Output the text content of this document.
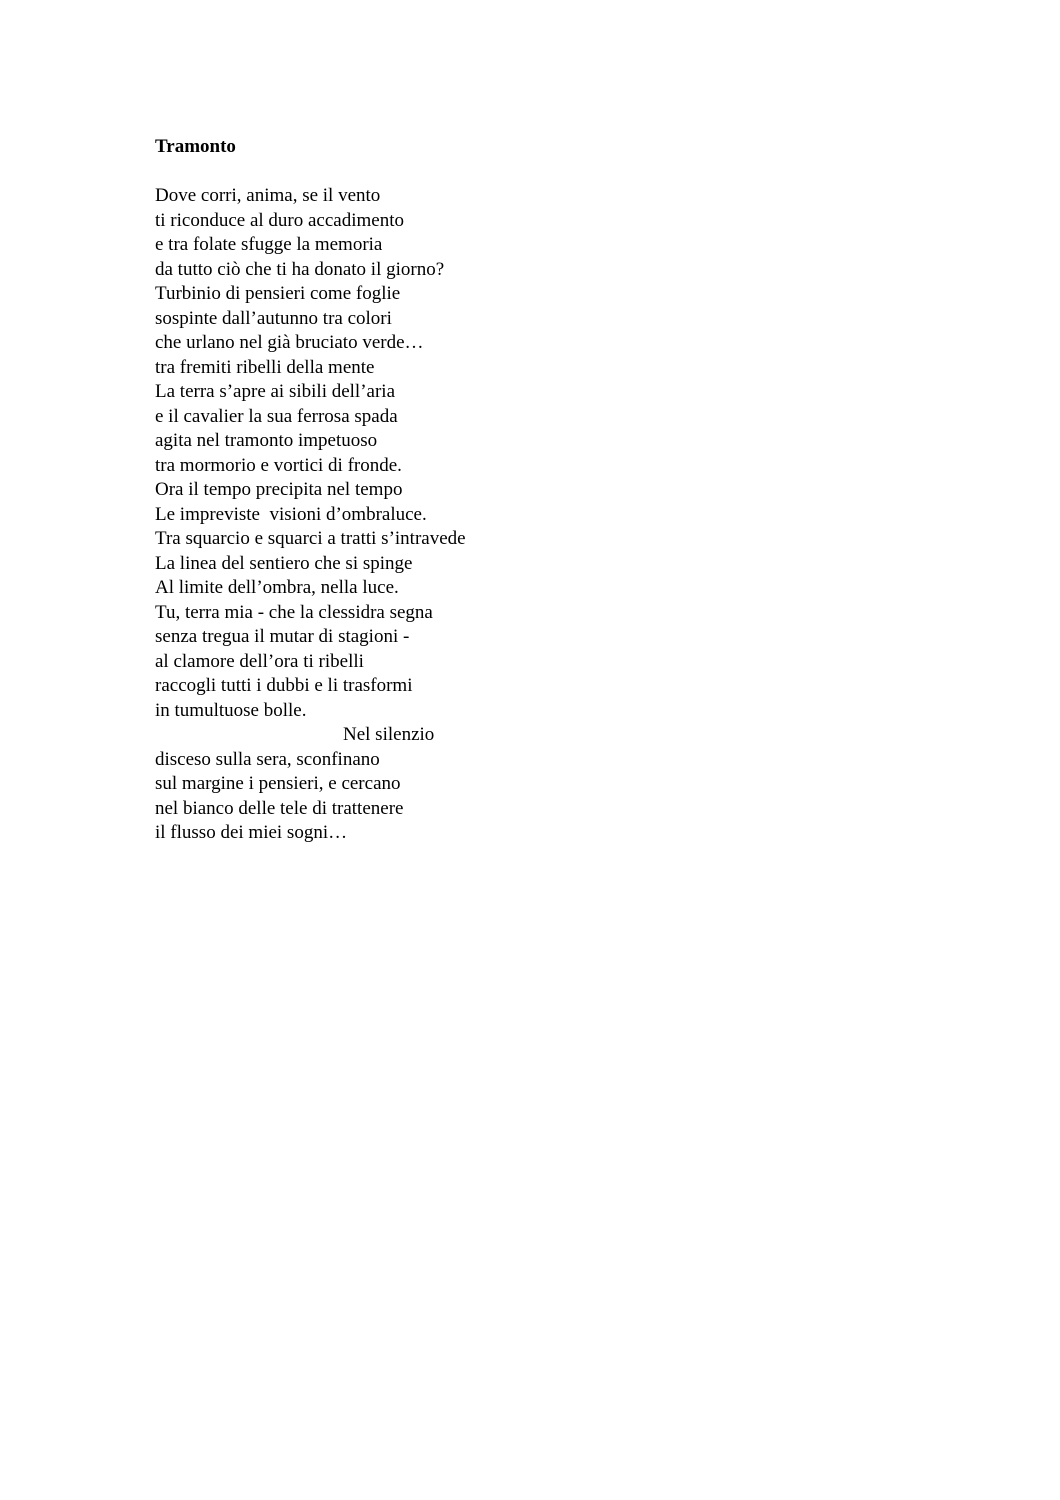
Tramonto
Dove corri, anima, se il vento
ti riconduce al duro accadimento
e tra folate sfugge la memoria
da tutto ciò che ti ha donato il giorno?
Turbinio di pensieri come foglie
sospinte dall’autunno tra colori
che urlano nel già bruciato verde…
tra fremiti ribelli della mente
La terra s’apre ai sibili dell’aria
e il cavalier la sua ferrosa spada
agita nel tramonto impetuoso
tra mormorio e vortici di fronde.
Ora il tempo precipita nel tempo
Le impreviste  visioni d’ombraluce.
Tra squarcio e squarci a tratti s’intravede
La linea del sentiero che si spinge
Al limite dell’ombra, nella luce.
Tu, terra mia - che la clessidra segna
senza tregua il mutar di stagioni -
al clamore dell’ora ti ribelli
raccogli tutti i dubbi e li trasformi
in tumultuose bolle.
Nel silenzio
disceso sulla sera, sconfinano
sul margine i pensieri, e cercano
nel bianco delle tele di trattenere
il flusso dei miei sogni…
